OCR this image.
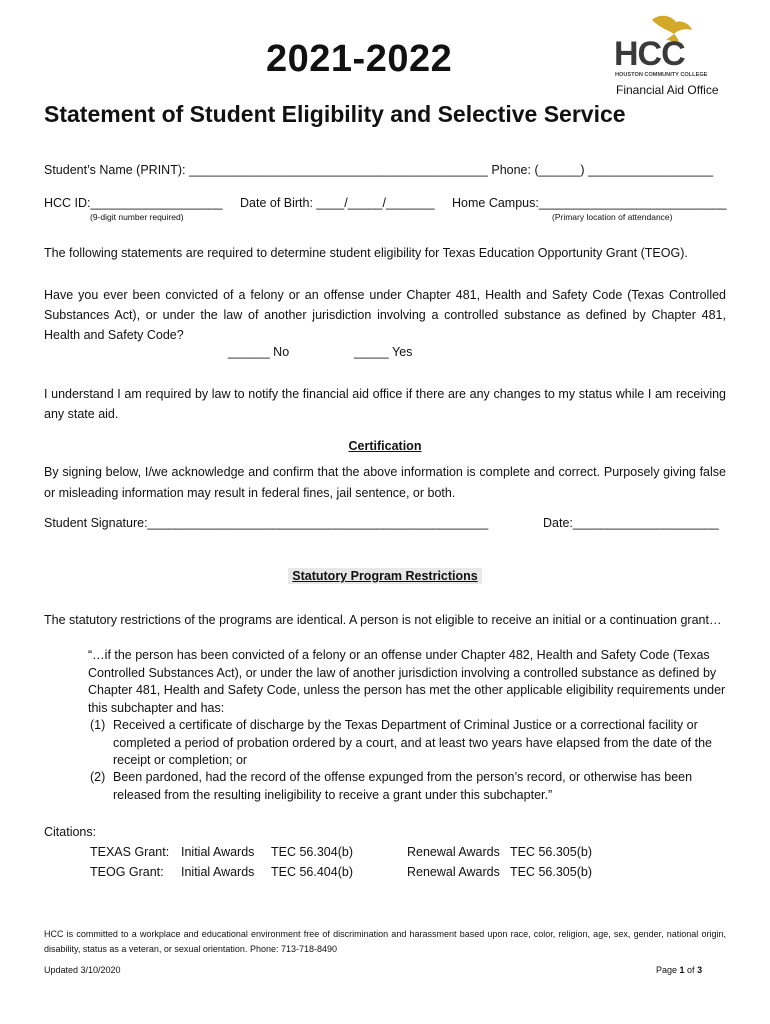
2021-2022	HCC
HOUSTON COMMUNITY COLLEGE
Financial Aid Office
Statement of Student Eligibility and Selective Service
Student’s Name (PRINT): ___________________________________________ Phone: (______) __________________
HCC ID:___________________ Date of Birth: ____/_____/_______ Home Campus:___________________________
(9-digit number required)	(Primary location of attendance)
The following statements are required to determine student eligibility for Texas Education Opportunity Grant (TEOG).
Have you ever been convicted of a felony or an offense under Chapter 481, Health and Safety Code (Texas Controlled Substances Act), or under the law of another jurisdiction involving a controlled substance as defined by Chapter 481, Health and Safety Code?
______ No	_____ Yes
I understand I am required by law to notify the financial aid office if there are any changes to my status while I am receiving any state aid.
Certification
By signing below, I/we acknowledge and confirm that the above information is complete and correct. Purposely giving false or misleading information may result in federal fines, jail sentence, or both.
Student Signature:_________________________________________________	Date:_____________________
Statutory Program Restrictions
The statutory restrictions of the programs are identical. A person is not eligible to receive an initial or a continuation grant…
“…if the person has been convicted of a felony or an offense under Chapter 482, Health and Safety Code (Texas Controlled Substances Act), or under the law of another jurisdiction involving a controlled substance as defined by Chapter 481, Health and Safety Code, unless the person has met the other applicable eligibility requirements under this subchapter and has:
(1) Received a certificate of discharge by the Texas Department of Criminal Justice or a correctional facility or completed a period of probation ordered by a court, and at least two years have elapsed from the date of the receipt or completion; or
(2) Been pardoned, had the record of the offense expunged from the person’s record, or otherwise has been released from the resulting ineligibility to receive a grant under this subchapter.”
Citations:
TEXAS Grant: Initial Awards TEC 56.304(b)	Renewal Awards TEC 56.305(b)
TEOG Grant: Initial Awards TEC 56.404(b)	Renewal Awards TEC 56.305(b)
HCC is committed to a workplace and educational environment free of discrimination and harassment based upon race, color, religion, age, sex, gender, national origin, disability, status as a veteran, or sexual orientation. Phone: 713-718-8490
Updated 3/10/2020	Page 1 of 3
